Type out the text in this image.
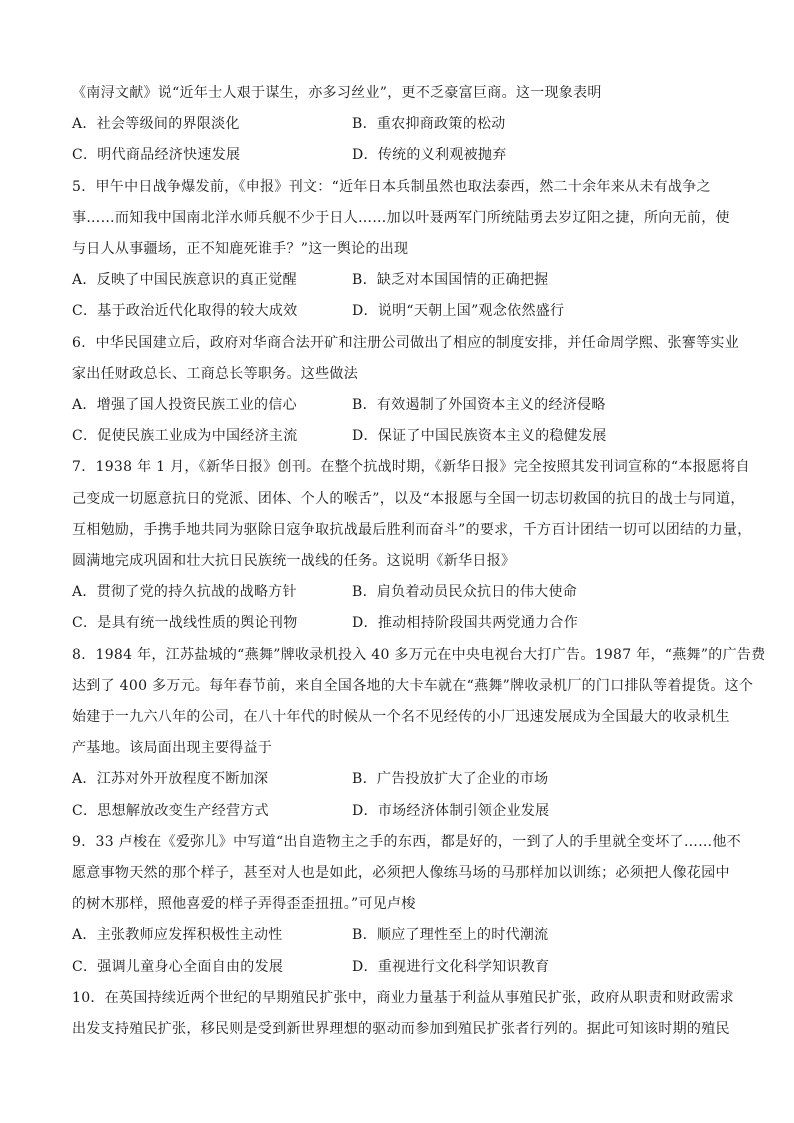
《南浔文献》说“近年士人艰于谋生，亦多习丝业”，更不乏豪富巨商。这一现象表明

A．社会等级间的界限淡化	B．重农抑商政策的松动
C．明代商品经济快速发展	D．传统的义利观被抛弃

5．甲午中日战争爆发前，《申报》刊文：“近年日本兵制虽然也取法泰西，然二十余年来从未有战争之
事……而知我中国南北洋水师兵舰不少于日人……加以叶聂两军门所统陆勇去岁辽阳之捷，所向无前，使
与日人从事疆场，正不知鹿死谁手？”这一舆论的出现

A．反映了中国民族意识的真正觉醒	B．缺乏对本国国情的正确把握
C．基于政治近代化取得的较大成效	D．说明“天朝上国”观念依然盛行

6．中华民国建立后，政府对华商合法开矿和注册公司做出了相应的制度安排，并任命周学熙、张謇等实业
家出任财政总长、工商总长等职务。这些做法

A．增强了国人投资民族工业的信心	B．有效遏制了外国资本主义的经济侵略
C．促使民族工业成为中国经济主流	D．保证了中国民族资本主义的稳健发展

7．1938 年 1 月，《新华日报》创刊。在整个抗战时期，《新华日报》完全按照其发刊词宣称的“本报愿将自
己变成一切愿意抗日的党派、团体、个人的喉舌”，以及“本报愿与全国一切志切救国的抗日的战士与同道，
互相勉励，手携手地共同为驱除日寇争取抗战最后胜利而奋斗”的要求，千方百计团结一切可以团结的力量，
圆满地完成巩固和壮大抗日民族统一战线的任务。这说明《新华日报》

A．贯彻了党的持久抗战的战略方针	B．肩负着动员民众抗日的伟大使命
C．是具有统一战线性质的舆论刊物	D．推动相持阶段国共两党通力合作

8．1984 年，江苏盐城的“燕舞”牌收录机投入 40 多万元在中央电视台大打广告。1987 年，“燕舞”的广告费
达到了 400 多万元。每年春节前，来自全国各地的大卡车就在“燕舞”牌收录机厂的门口排队等着提货。这个
始建于一九六八年的公司，在八十年代的时候从一个名不见经传的小厂迅速发展成为全国最大的收录机生
产基地。该局面出现主要得益于

A．江苏对外开放程度不断加深	B．广告投放扩大了企业的市场
C．思想解放改变生产经营方式	D．市场经济体制引领企业发展

9．33 卢梭在《爱弥儿》中写道“出自造物主之手的东西，都是好的，一到了人的手里就全变坏了……他不
愿意事物天然的那个样子，甚至对人也是如此，必须把人像练马场的马那样加以训练；必须把人像花园中
的树木那样，照他喜爱的样子弄得歪歪扭扭。”可见卢梭

A．主张教师应发挥积极性主动性	B．顺应了理性至上的时代潮流
C．强调儿童身心全面自由的发展	D．重视进行文化科学知识教育

10．在英国持续近两个世纪的早期殖民扩张中，商业力量基于利益从事殖民扩张，政府从职责和财政需求
出发支持殖民扩张，移民则是受到新世界理想的驱动而参加到殖民扩张者行列的。据此可知该时期的殖民
